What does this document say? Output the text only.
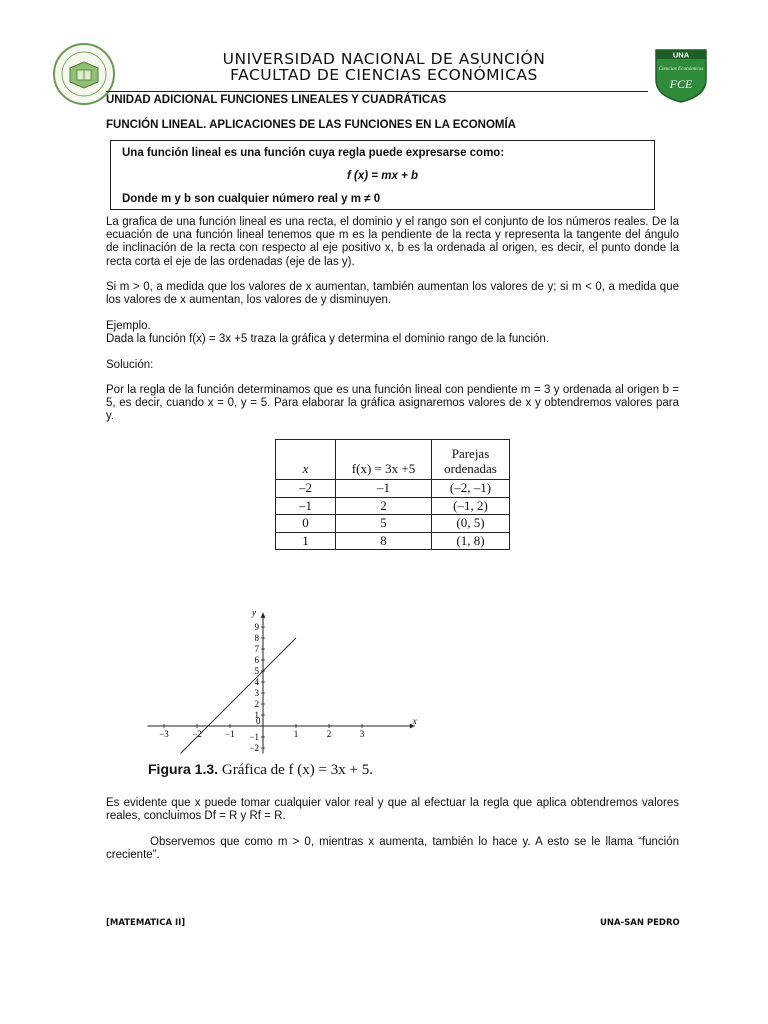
UNIVERSIDAD NACIONAL DE ASUNCIÓN
FACULTAD DE CIENCIAS ECONÓMICAS
UNA
Ciencias Económicas
FCE
UNIDAD ADICIONAL FUNCIONES LINEALES Y CUADRÁTICAS
FUNCIÓN LINEAL. APLICACIONES DE LAS FUNCIONES EN LA ECONOMÍA
Una función lineal es una función cuya regla puede expresarse como:
f (x) = mx + b
Donde m y b son cualquier número real y m ≠ 0
La grafica de una función lineal es una recta, el dominio y el rango son el conjunto de los números reales. De la ecuación de una función lineal tenemos que m es la pendiente de la recta y representa la tangente del ángulo de inclinación de la recta con respecto al eje positivo x, b es la ordenada al origen, es decir, el punto donde la recta corta el eje de las ordenadas (eje de las y).
Si m > 0, a medida que los valores de x aumentan, también aumentan los valores de y; si m < 0, a medida que los valores de x aumentan, los valores de y disminuyen.
Ejemplo.
Dada la función f(x) = 3x +5 traza la gráfica y determina el dominio rango de la función.
Solución:
Por la regla de la función determinamos que es una función lineal con pendiente m = 3 y ordenada al origen b = 5, es decir, cuando x = 0, y = 5. Para elaborar la gráfica asignaremos valores de x y obtendremos valores para y.
x	f(x) = 3x +5	Parejas ordenadas
–2	–1	(–2, –1)
–1	2	(–1, 2)
0	5	(0, 5)
1	8	(1, 8)
x
y
0
−3	−2	−1	1	2	3
−2
−1
1
2
3
4
5
6
7
8
9
Figura 1.3. Gráfica de f (x) = 3x + 5.
Es evidente que x puede tomar cualquier valor real y que al efectuar la regla que aplica obtendremos valores reales, concluimos Df = R y Rf = R.
Observemos que como m > 0, mientras x aumenta, también lo hace y. A esto se le llama “función creciente”.
[MATEMATICA II]	UNA-SAN PEDRO
